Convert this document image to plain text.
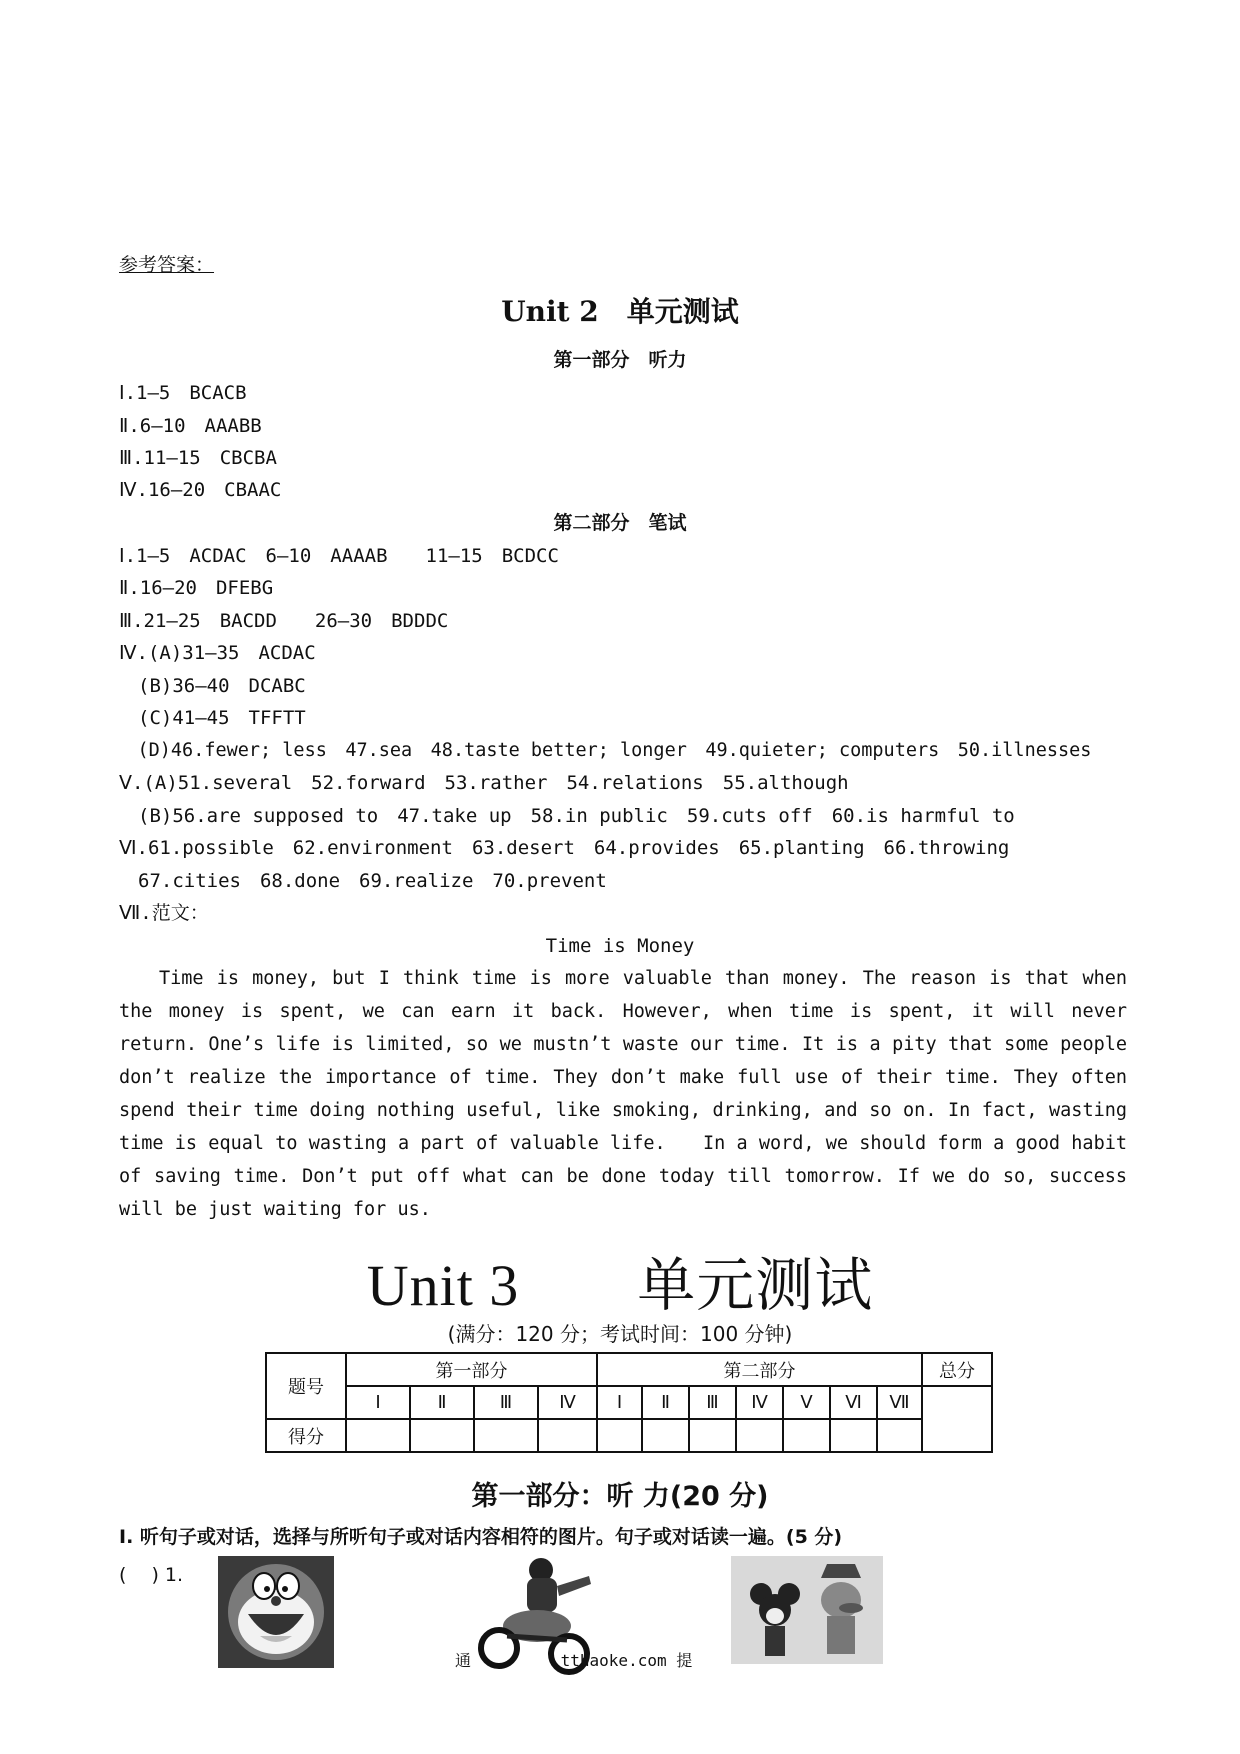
参考答案：
Unit 2　单元测试
第一部分　听力
Ⅰ.1—5　BCACB
Ⅱ.6—10　AAABB
Ⅲ.11—15　CBCBA
Ⅳ.16—20　CBAAC
第二部分　笔试
Ⅰ.1—5　ACDAC　6—10　AAAAB　　11—15　BCDCC
Ⅱ.16—20　DFEBG
Ⅲ.21—25　BACDD　　26—30　BDDDC
Ⅳ.(A)31—35　ACDAC
　(B)36—40　DCABC
　(C)41—45　TFFTT
　(D)46.fewer; less　47.sea　48.taste better; longer　49.quieter; computers　50.illnesses
Ⅴ.(A)51.several　52.forward　53.rather　54.relations　55.although
　(B)56.are supposed to　47.take up　58.in public　59.cuts off　60.is harmful to
Ⅵ.61.possible　62.environment　63.desert　64.provides　65.planting　66.throwing
　67.cities　68.done　69.realize　70.prevent
Ⅶ.范文：
Time is Money
Time is money, but I think time is more valuable than money. The reason is that when the money is spent, we can earn it back. However, when time is spent, it will never return. One’s life is limited, so we mustn’t waste our time. It is a pity that some people don’t realize the importance of time. They don’t make full use of their time. They often spend their time doing nothing useful, like smoking, drinking, and so on. In fact, wasting time is equal to wasting a part of valuable life.　　In a word, we should form a good habit of saving time. Don’t put off what can be done today till tomorrow. If we do so, success will be just waiting for us.
Unit 3　　单元测试
(满分：120 分；考试时间：100 分钟)
题号	第一部分				第二部分							总分
	Ⅰ	Ⅱ	Ⅲ	Ⅳ	Ⅰ	Ⅱ	Ⅲ	Ⅳ	Ⅴ	Ⅵ	Ⅶ	
得分												
第一部分：听 力(20 分)
Ⅰ. 听句子或对话，选择与所听句子或对话内容相符的图片。句子或对话读一遍。(5 分)
(　 ) 1.
通　　　　　 tthaoke.com 提
